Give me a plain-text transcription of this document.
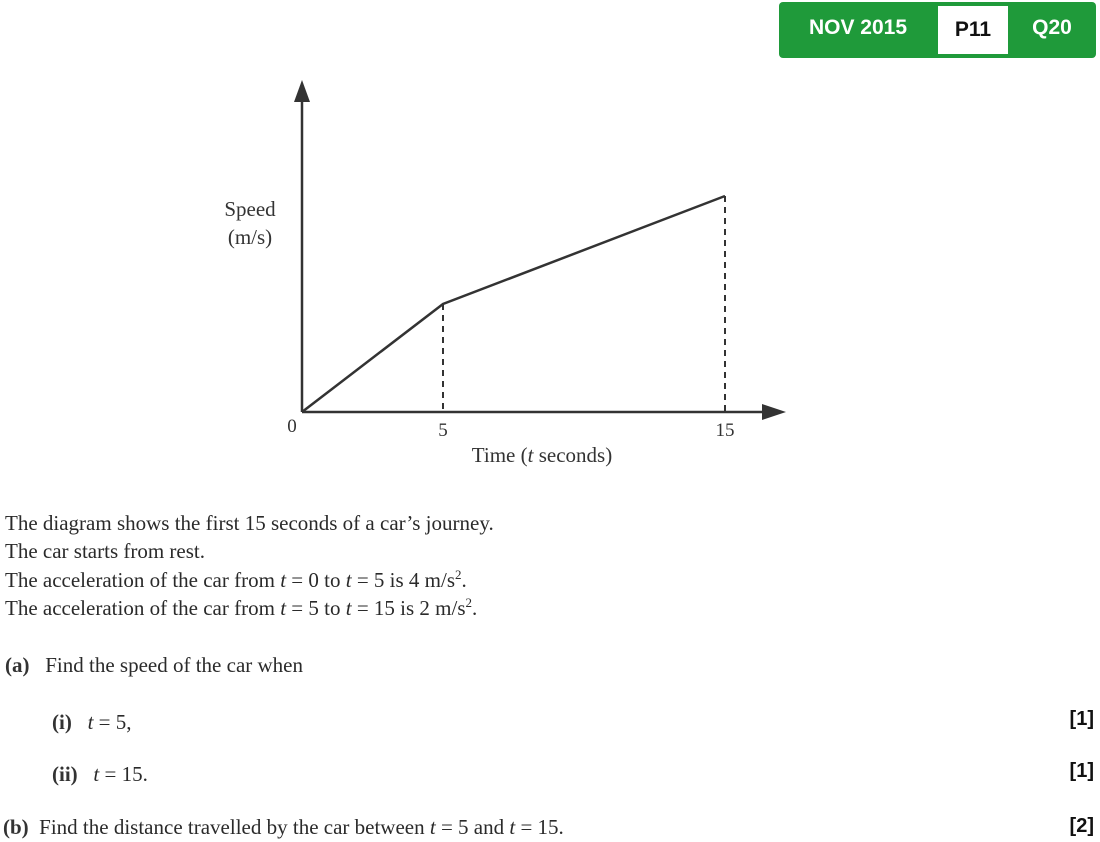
NOV 2015	P11	Q20
Speed
(m/s)
0	5	15
Time (t seconds)
The diagram shows the first 15 seconds of a car’s journey.
The car starts from rest.
The acceleration of the car from t = 0 to t = 5 is 4 $m/s^2$.
The acceleration of the car from t = 5 to t = 15 is 2 $m/s^2$.
(a) Find the speed of the car when
(i) t = 5,	[1]
(ii) t = 15.	[1]
(b) Find the distance travelled by the car between t = 5 and t = 15.	[2]
